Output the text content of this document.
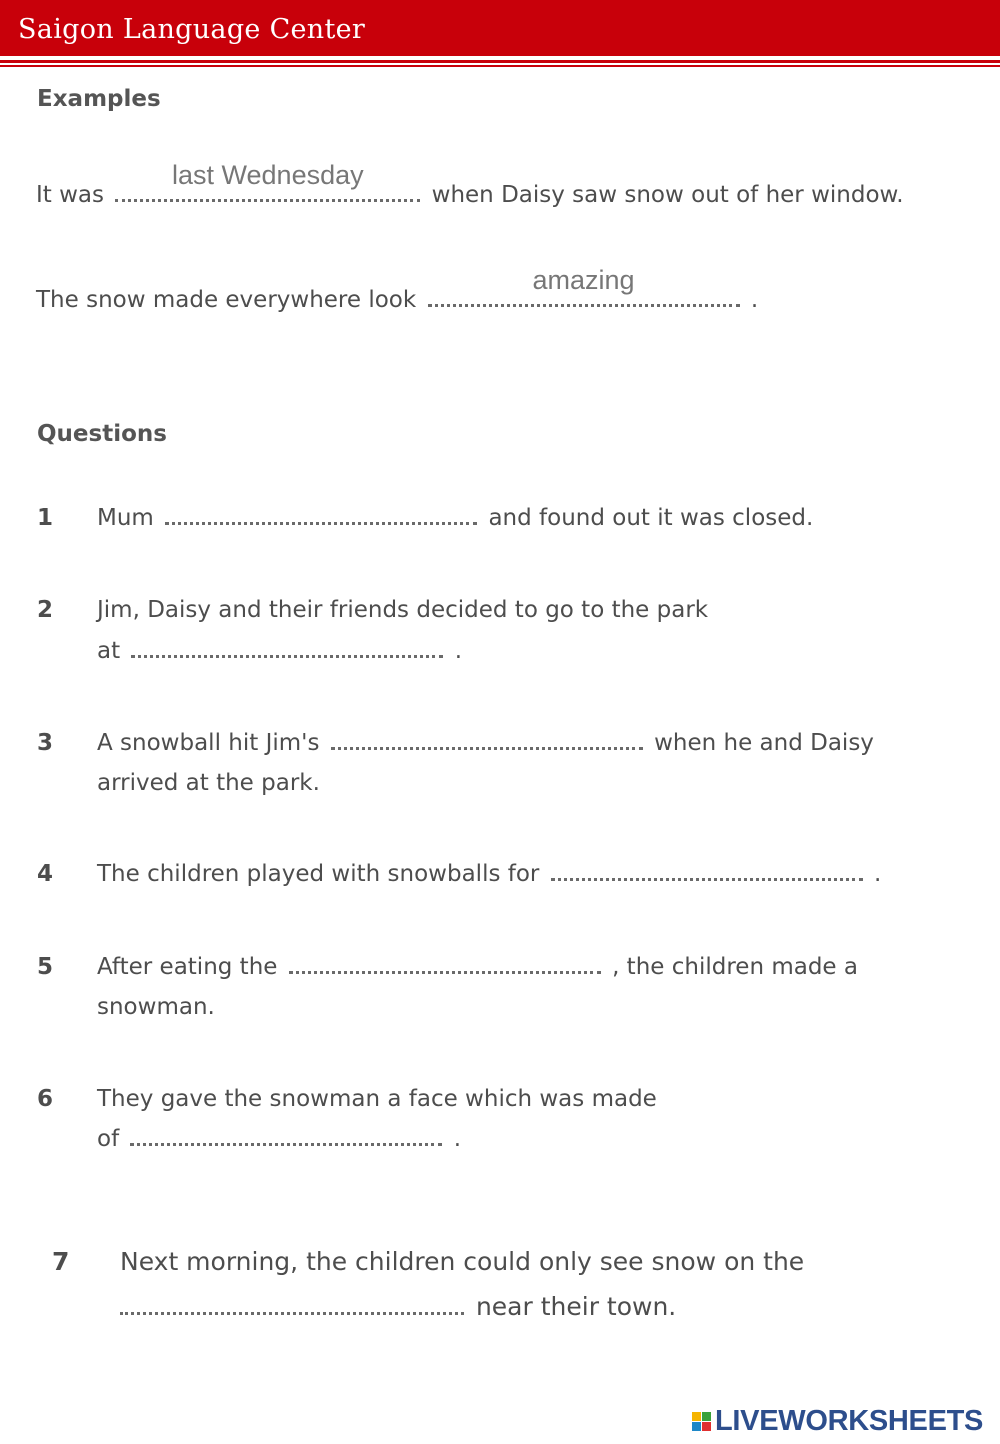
Saigon Language Center
Examples
It was
last Wednesday
when Daisy saw snow out of her window.
The snow made everywhere look
amazing
.
Questions
1 Mum	and found out it was closed.
2 Jim, Daisy and their friends decided to go to the park
at	.
3 A snowball hit Jim's	when he and Daisy
arrived at the park.
4 The children played with snowballs for	.
5 After eating the	, the children made a
snowman.
6 They gave the snowman a face which was made
of	.
7 Next morning, the children could only see snow on the
near their town.
LIVEWORKSHEETS
